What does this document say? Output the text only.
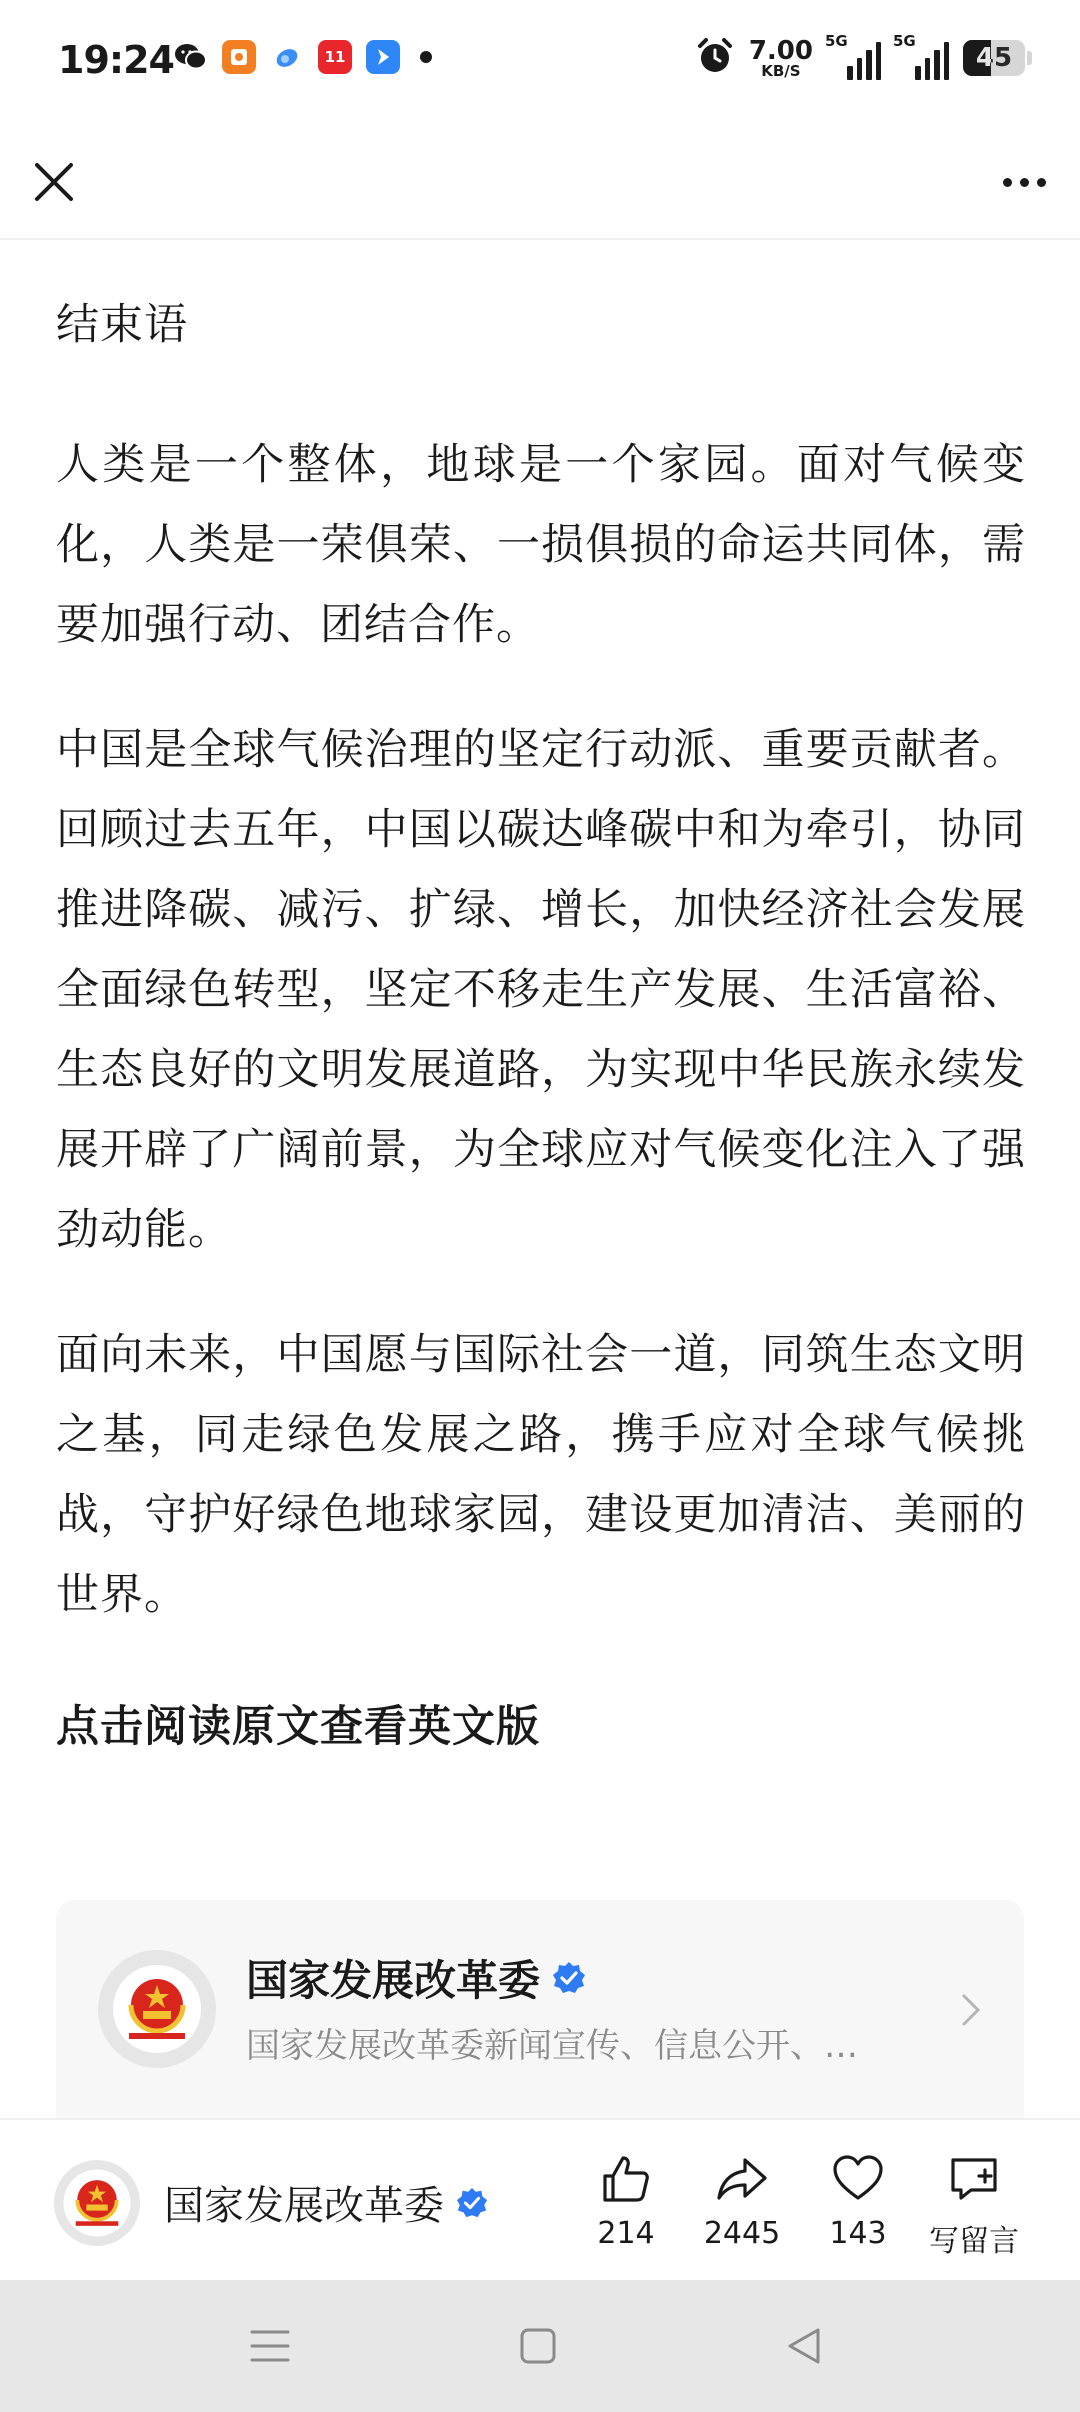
19:24	11	7.00
KB/S
5G	5G
45

结束语

人类是一个整体，地球是一个家园。面对气候变化，人类是一荣俱荣、一损俱损的命运共同体，需要加强行动、团结合作。

中国是全球气候治理的坚定行动派、重要贡献者。回顾过去五年，中国以碳达峰碳中和为牵引，协同推进降碳、减污、扩绿、增长，加快经济社会发展全面绿色转型，坚定不移走生产发展、生活富裕、生态良好的文明发展道路，为实现中华民族永续发展开辟了广阔前景，为全球应对气候变化注入了强劲动能。

面向未来，中国愿与国际社会一道，同筑生态文明之基，同走绿色发展之路，携手应对全球气候挑战，守护好绿色地球家园，建设更加清洁、美丽的世界。

点击阅读原文查看英文版

国家发展改革委
国家发展改革委新闻宣传、信息公开、…
国家发展改革委
214 2445 143 写留言
